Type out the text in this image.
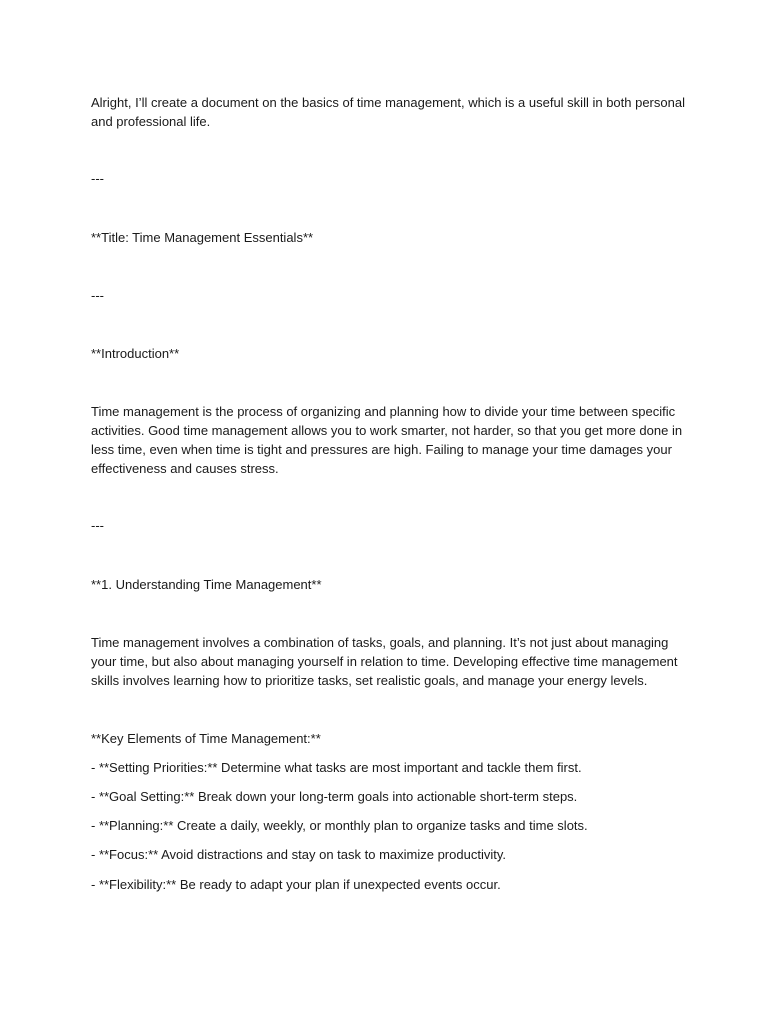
Alright, I’ll create a document on the basics of time management, which is a useful skill in both personal
and professional life.

---

**Title: Time Management Essentials**

---

**Introduction**

Time management is the process of organizing and planning how to divide your time between specific
activities. Good time management allows you to work smarter, not harder, so that you get more done in
less time, even when time is tight and pressures are high. Failing to manage your time damages your
effectiveness and causes stress.

---

**1. Understanding Time Management**

Time management involves a combination of tasks, goals, and planning. It’s not just about managing
your time, but also about managing yourself in relation to time. Developing effective time management
skills involves learning how to prioritize tasks, set realistic goals, and manage your energy levels.

**Key Elements of Time Management:**

- **Setting Priorities:** Determine what tasks are most important and tackle them first.

- **Goal Setting:** Break down your long-term goals into actionable short-term steps.

- **Planning:** Create a daily, weekly, or monthly plan to organize tasks and time slots.

- **Focus:** Avoid distractions and stay on task to maximize productivity.

- **Flexibility:** Be ready to adapt your plan if unexpected events occur.
